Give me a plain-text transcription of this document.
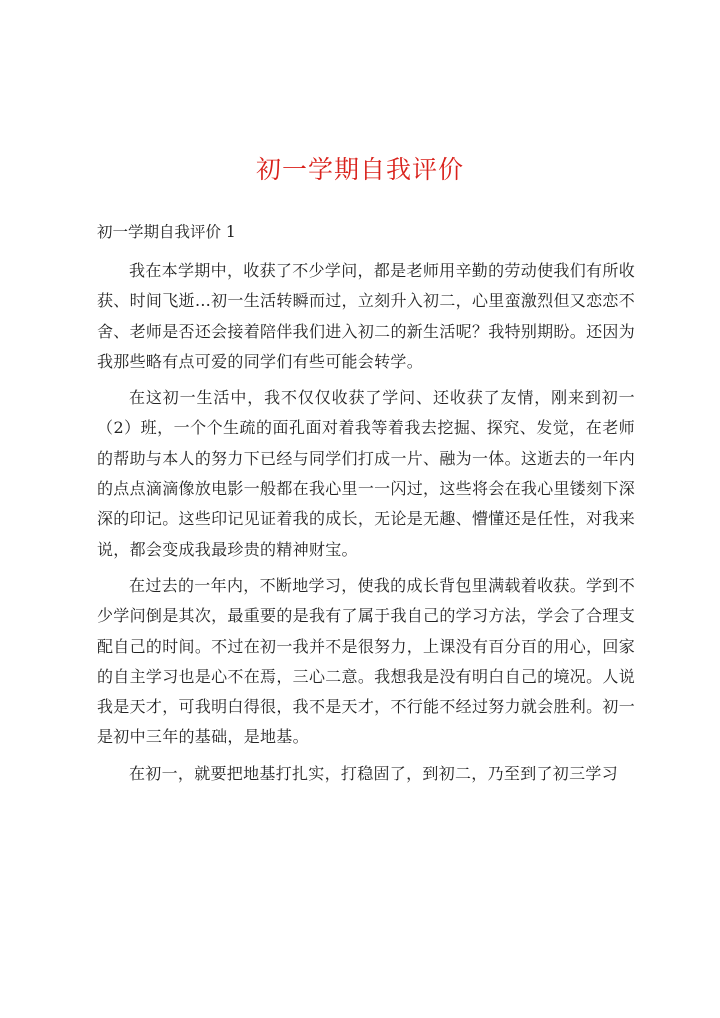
初一学期自我评价
初一学期自我评价 1

我在本学期中，收获了不少学问，都是老师用辛勤的劳动使我们有所收获、时间飞逝…初一生活转瞬而过，立刻升入初二，心里蛮激烈但又恋恋不舍、老师是否还会接着陪伴我们进入初二的新生活呢？我特别期盼。还因为我那些略有点可爱的同学们有些可能会转学。

在这初一生活中，我不仅仅收获了学问、还收获了友情，刚来到初一（2）班，一个个生疏的面孔面对着我等着我去挖掘、探究、发觉，在老师的帮助与本人的努力下已经与同学们打成一片、融为一体。这逝去的一年内的点点滴滴像放电影一般都在我心里一一闪过，这些将会在我心里镂刻下深深的印记。这些印记见证着我的成长，无论是无趣、懵懂还是任性，对我来说，都会变成我最珍贵的精神财宝。

在过去的一年内，不断地学习，使我的成长背包里满载着收获。学到不少学问倒是其次，最重要的是我有了属于我自己的学习方法，学会了合理支配自己的时间。不过在初一我并不是很努力，上课没有百分百的用心，回家的自主学习也是心不在焉，三心二意。我想我是没有明白自己的境况。人说我是天才，可我明白得很，我不是天才，不行能不经过努力就会胜利。初一是初中三年的基础，是地基。

在初一，就要把地基打扎实，打稳固了，到初二，乃至到了初三学习
